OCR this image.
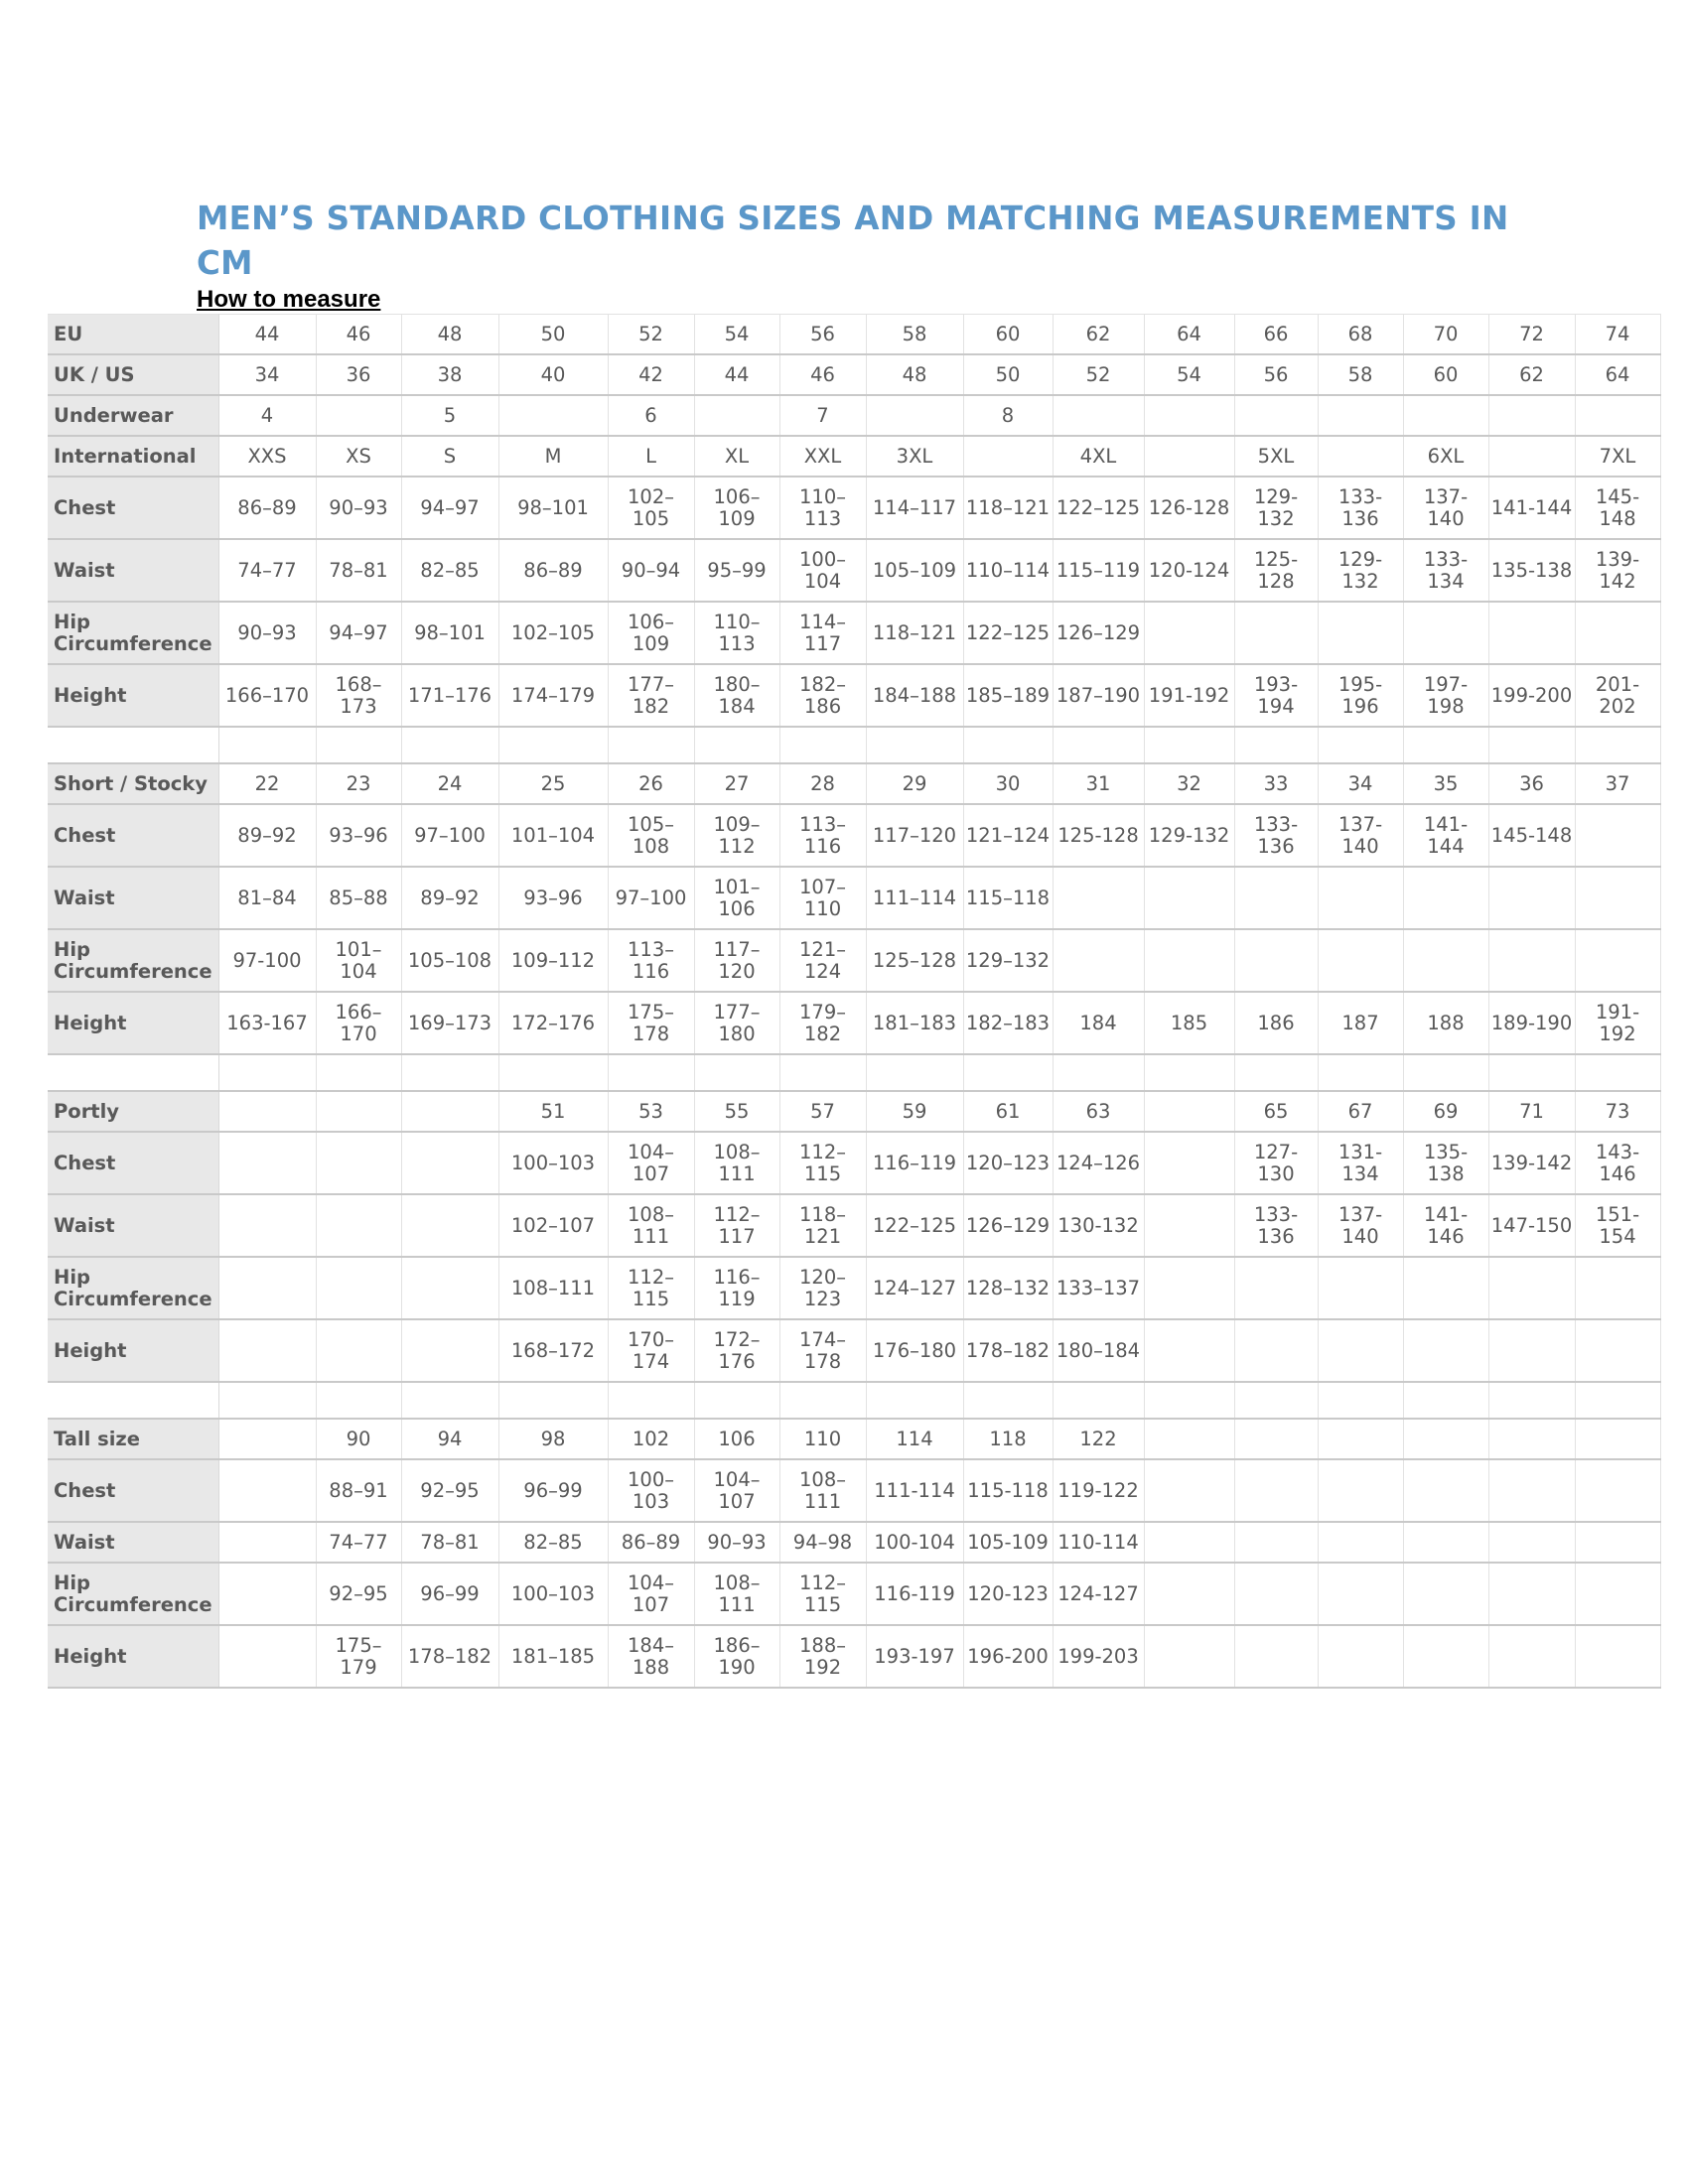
MEN’S STANDARD CLOTHING SIZES AND MATCHING MEASUREMENTS IN CM
How to measure
EU	44	46	48	50	52	54	56	58	60	62	64	66	68	70	72	74
UK / US	34	36	38	40	42	44	46	48	50	52	54	56	58	60	62	64
Underwear	4		5		6		7		8							
International	XXS	XS	S	M	L	XL	XXL	3XL		4XL		5XL		6XL		7XL
Chest	86–89	90–93	94–97	98–101	102–105	106–109	110–113	114–117	118–121	122–125	126-128	129-132	133-136	137-140	141-144	145-148
Waist	74–77	78–81	82–85	86–89	90–94	95–99	100–104	105–109	110–114	115–119	120-124	125-128	129-132	133-134	135-138	139-142
Hip Circumference	90–93	94–97	98–101	102–105	106–109	110–113	114–117	118–121	122–125	126–129						
Height	166–170	168–173	171–176	174–179	177–182	180–184	182–186	184–188	185–189	187–190	191-192	193-194	195-196	197-198	199-200	201-202

Short / Stocky	22	23	24	25	26	27	28	29	30	31	32	33	34	35	36	37
Chest	89–92	93–96	97–100	101–104	105–108	109–112	113–116	117–120	121–124	125-128	129-132	133-136	137-140	141-144	145-148	
Waist	81–84	85–88	89–92	93–96	97–100	101–106	107–110	111–114	115–118							
Hip Circumference	97-100	101–104	105–108	109–112	113–116	117–120	121–124	125–128	129–132							
Height	163-167	166–170	169–173	172–176	175–178	177–180	179–182	181–183	182–183	184	185	186	187	188	189-190	191-192

Portly				51	53	55	57	59	61	63		65	67	69	71	73
Chest				100–103	104–107	108–111	112–115	116–119	120–123	124–126		127-130	131-134	135-138	139-142	143-146
Waist				102–107	108–111	112–117	118–121	122–125	126–129	130-132		133-136	137-140	141-146	147-150	151-154
Hip Circumference				108–111	112–115	116–119	120–123	124–127	128–132	133–137						
Height				168–172	170–174	172–176	174–178	176–180	178–182	180–184						

Tall size		90	94	98	102	106	110	114	118	122						
Chest		88–91	92–95	96–99	100–103	104–107	108–111	111-114	115-118	119-122						
Waist		74–77	78–81	82–85	86–89	90–93	94–98	100-104	105-109	110-114						
Hip Circumference		92–95	96–99	100–103	104–107	108–111	112–115	116-119	120-123	124-127						
Height		175–179	178–182	181–185	184–188	186–190	188–192	193-197	196-200	199-203						
